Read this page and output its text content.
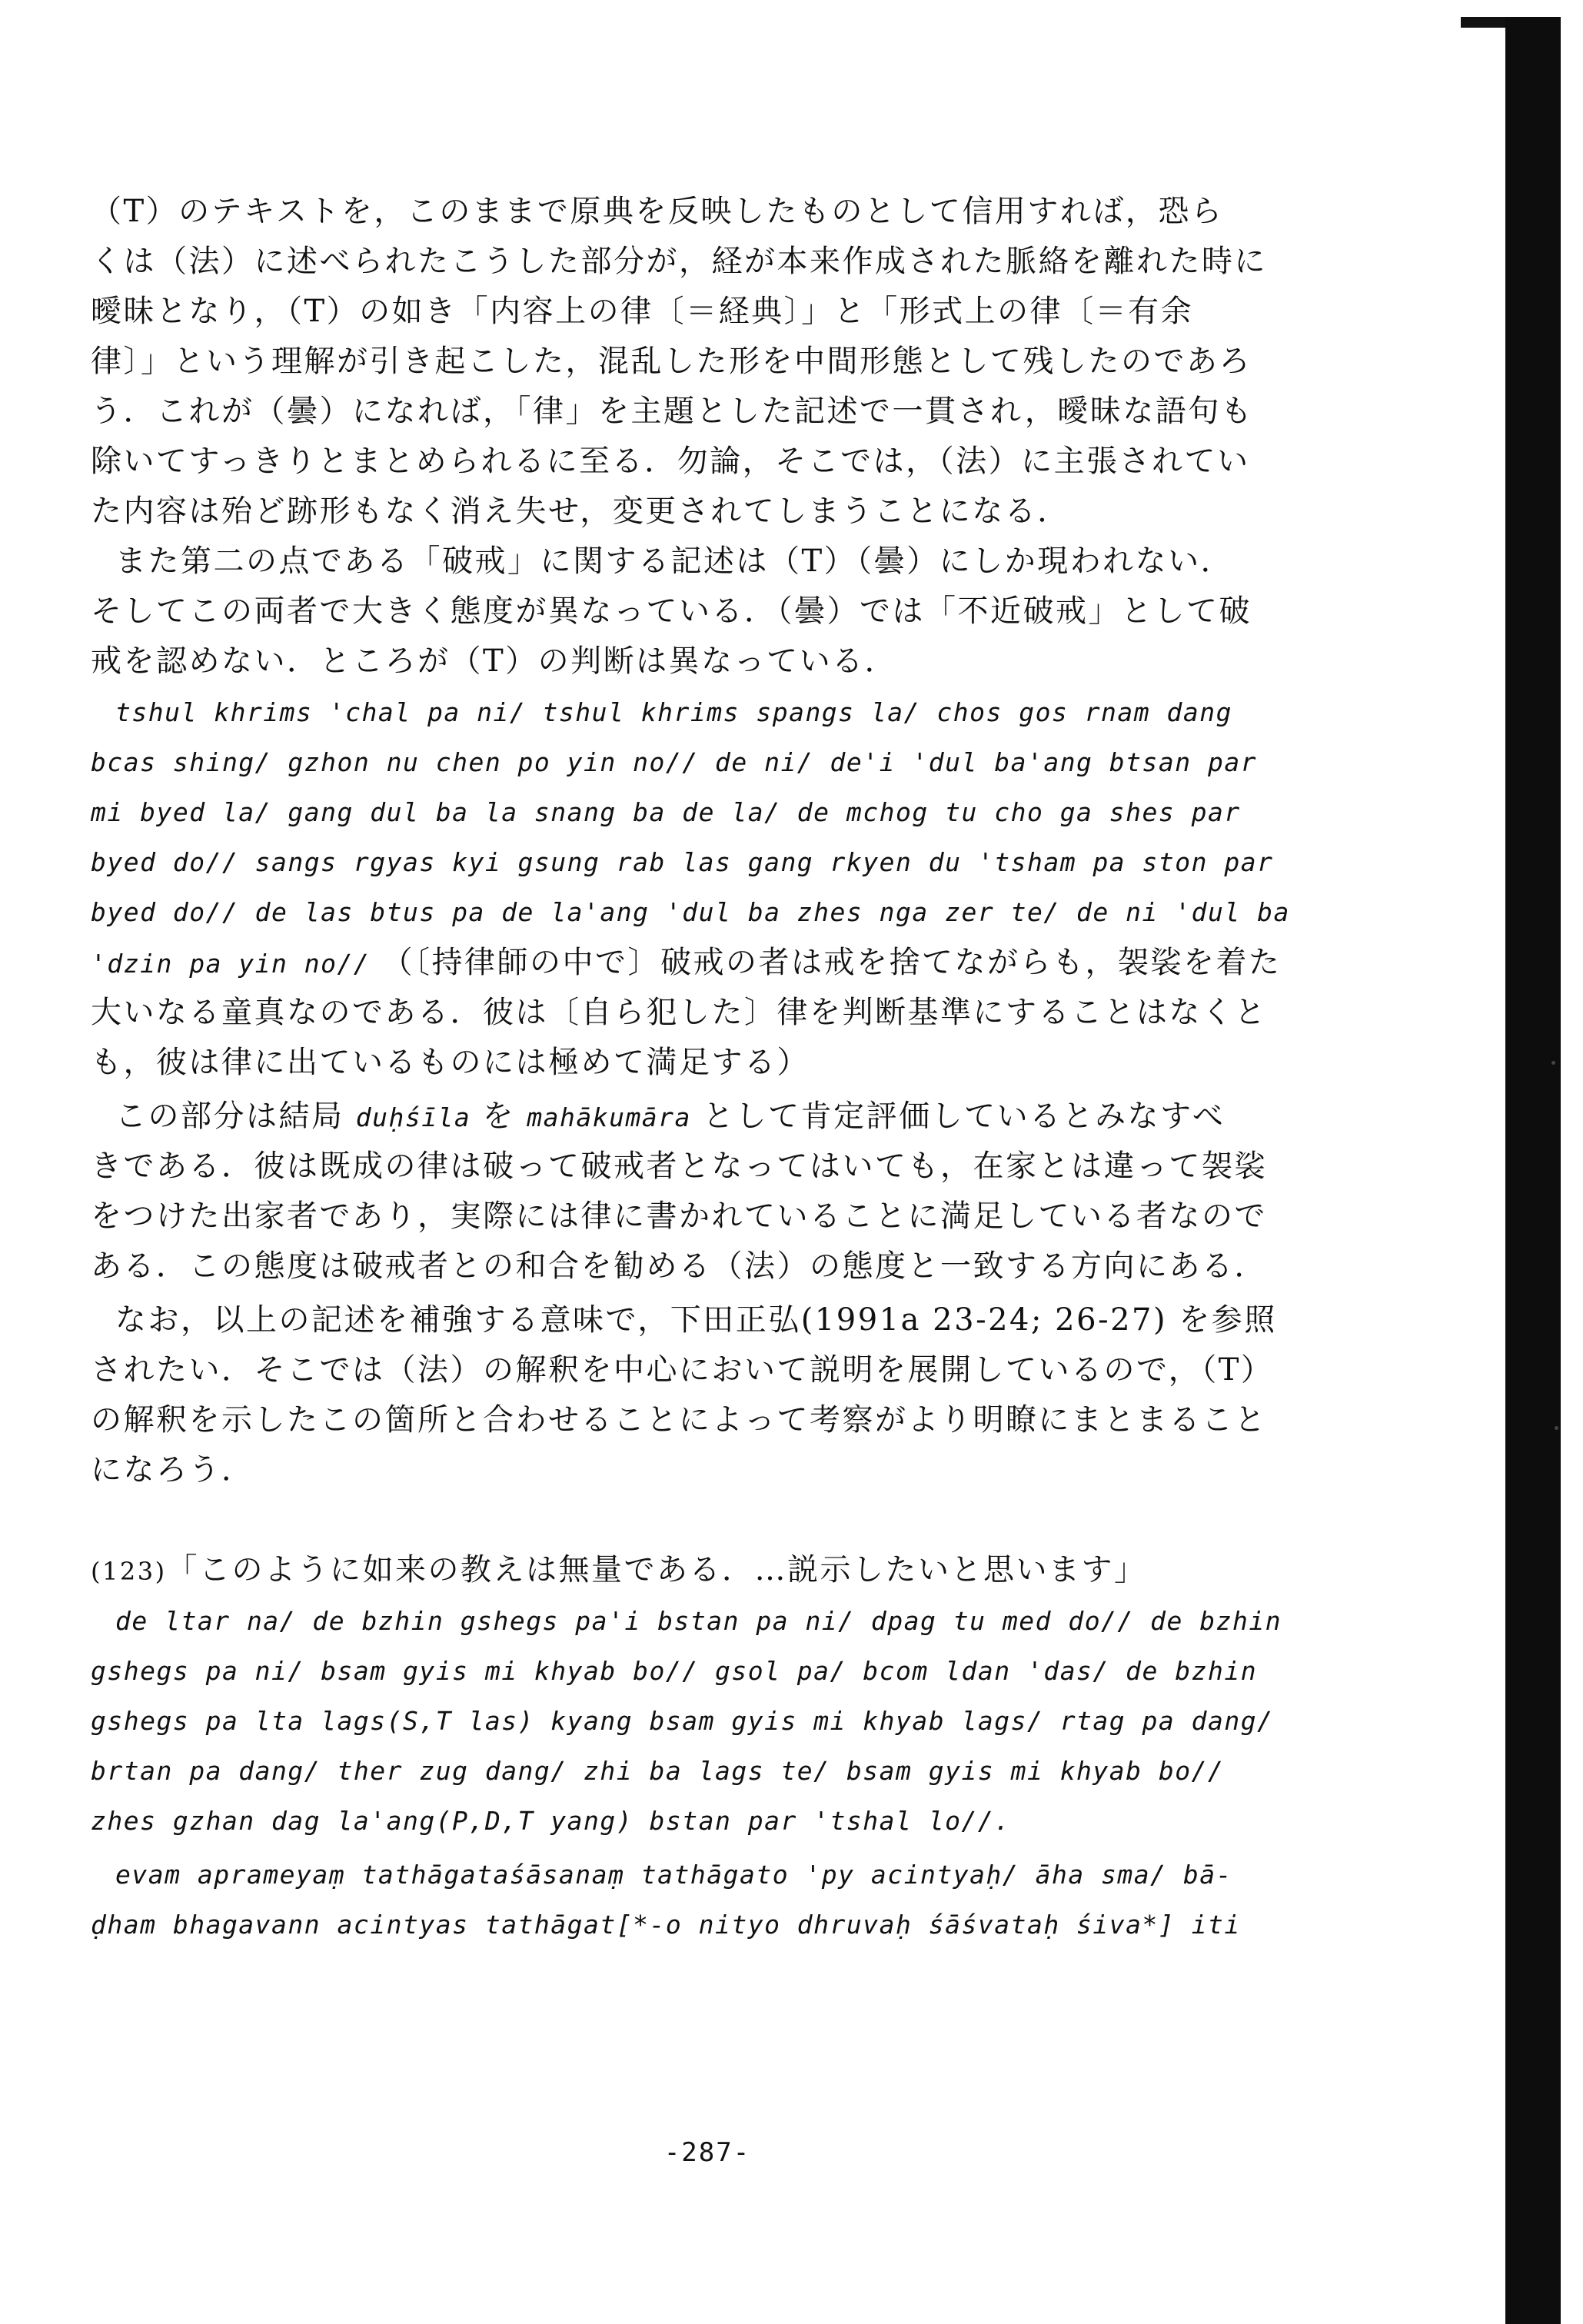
（T）のテキストを，このままで原典を反映したものとして信用すれば，恐ら
くは（法）に述べられたこうした部分が，経が本来作成された脈絡を離れた時に
曖昧となり，（T）の如き「内容上の律〔＝経典〕」と「形式上の律〔＝有余
律〕」という理解が引き起こした，混乱した形を中間形態として残したのであろ
う．これが（曇）になれば，「律」を主題とした記述で一貫され，曖昧な語句も
除いてすっきりとまとめられるに至る．勿論，そこでは，（法）に主張されてい
た内容は殆ど跡形もなく消え失せ，変更されてしまうことになる．
また第二の点である「破戒」に関する記述は（T）（曇）にしか現われない．
そしてこの両者で大きく態度が異なっている．（曇）では「不近破戒」として破
戒を認めない．ところが（T）の判断は異なっている．
tshul khrims 'chal pa ni/ tshul khrims spangs la/ chos gos rnam dang
bcas shing/ gzhon nu chen po yin no// de ni/ de'i 'dul ba'ang btsan par
mi byed la/ gang dul ba la snang ba de la/ de mchog tu cho ga shes par
byed do// sangs rgyas kyi gsung rab las gang rkyen du 'tsham pa ston par
byed do// de las btus pa de la'ang 'dul ba zhes nga zer te/ de ni 'dul ba
'dzin pa yin no// （〔持律師の中で〕破戒の者は戒を捨てながらも，袈裟を着た
大いなる童真なのである．彼は〔自ら犯した〕律を判断基準にすることはなくと
も，彼は律に出ているものには極めて満足する）
この部分は結局 duḥśīla を mahākumāra として肯定評価しているとみなすべ
きである．彼は既成の律は破って破戒者となってはいても，在家とは違って袈裟
をつけた出家者であり，実際には律に書かれていることに満足している者なので
ある．この態度は破戒者との和合を勧める（法）の態度と一致する方向にある．
なお，以上の記述を補強する意味で，下田正弘(1991a 23-24; 26-27) を参照
されたい．そこでは（法）の解釈を中心において説明を展開しているので，（T）
の解釈を示したこの箇所と合わせることによって考察がより明瞭にまとまること
になろう．
(123)「このように如来の教えは無量である．…説示したいと思います」
de ltar na/ de bzhin gshegs pa'i bstan pa ni/ dpag tu med do// de bzhin
gshegs pa ni/ bsam gyis mi khyab bo// gsol pa/ bcom ldan 'das/ de bzhin
gshegs pa lta lags(S,T las) kyang bsam gyis mi khyab lags/ rtag pa dang/
brtan pa dang/ ther zug dang/ zhi ba lags te/ bsam gyis mi khyab bo//
zhes gzhan dag la'ang(P,D,T yang) bstan par 'tshal lo//.
evam aprameyaṃ tathāgataśāsanaṃ tathāgato 'py acintyaḥ/ āha sma/ bā-
ḍham bhagavann acintyas tathāgat[*-o nityo dhruvaḥ śāśvataḥ śiva*] iti
-287-
